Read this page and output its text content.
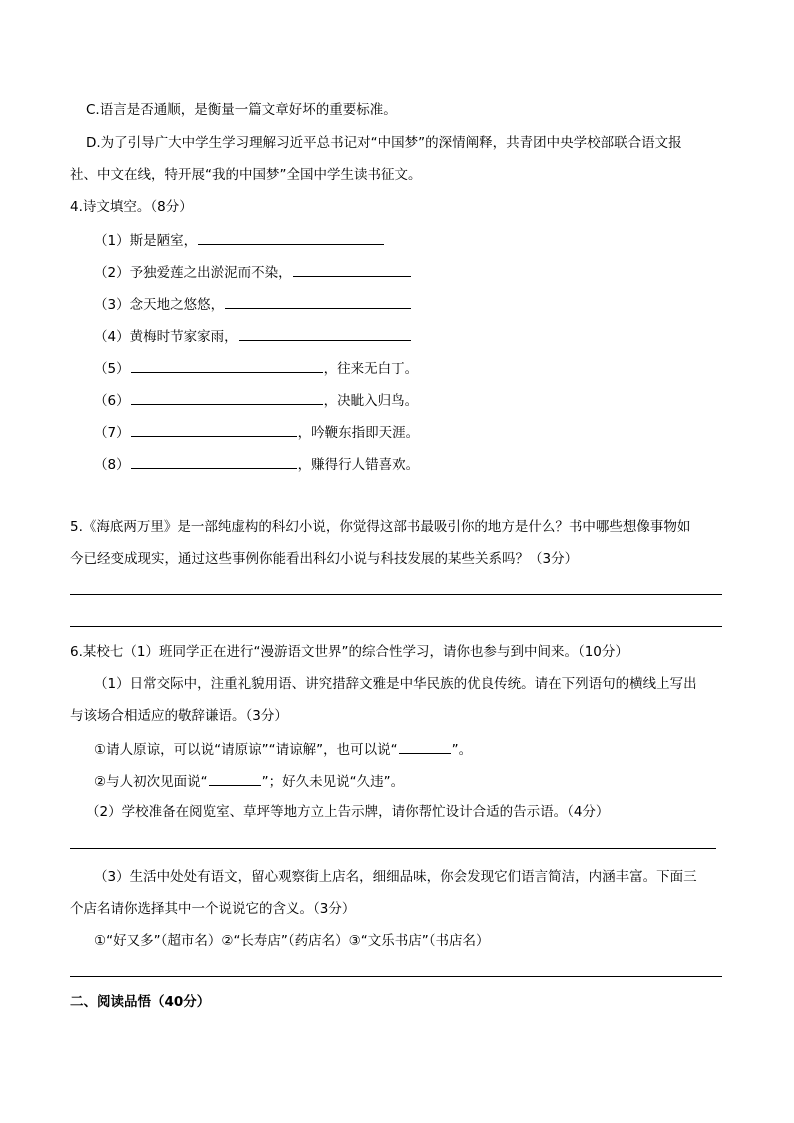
C.语言是否通顺，是衡量一篇文章好坏的重要标准。
D.为了引导广大中学生学习理解习近平总书记对“中国梦”的深情阐释，共青团中央学校部联合语文报
社、中文在线，特开展“我的中国梦”全国中学生读书征文。
4.诗文填空。（8分）
（1）斯是陋室，
（2）予独爱莲之出淤泥而不染，
（3）念天地之悠悠，
（4）黄梅时节家家雨，
（5）	，往来无白丁。
（6）	，决眦入归鸟。
（7）	，吟鞭东指即天涯。
（8）	，赚得行人错喜欢。
5.《海底两万里》是一部纯虚构的科幻小说，你觉得这部书最吸引你的地方是什么？书中哪些想像事物如
今已经变成现实，通过这些事例你能看出科幻小说与科技发展的某些关系吗？（3分）
6.某校七（1）班同学正在进行“漫游语文世界”的综合性学习，请你也参与到中间来。（10分）
（1）日常交际中，注重礼貌用语、讲究措辞文雅是中华民族的优良传统。请在下列语句的横线上写出
与该场合相适应的敬辞谦语。（3分）
①请人原谅，可以说“请原谅”“请谅解”，也可以说“	”。
②与人初次见面说“	”；好久未见说“久违”。
（2）学校准备在阅览室、草坪等地方立上告示牌，请你帮忙设计合适的告示语。（4分）
（3）生活中处处有语文，留心观察街上店名，细细品味，你会发现它们语言简洁，内涵丰富。下面三
个店名请你选择其中一个说说它的含义。（3分）
①“好又多”（超市名）②“长寿店”（药店名）③“文乐书店”（书店名）
二、阅读品悟（40分）
